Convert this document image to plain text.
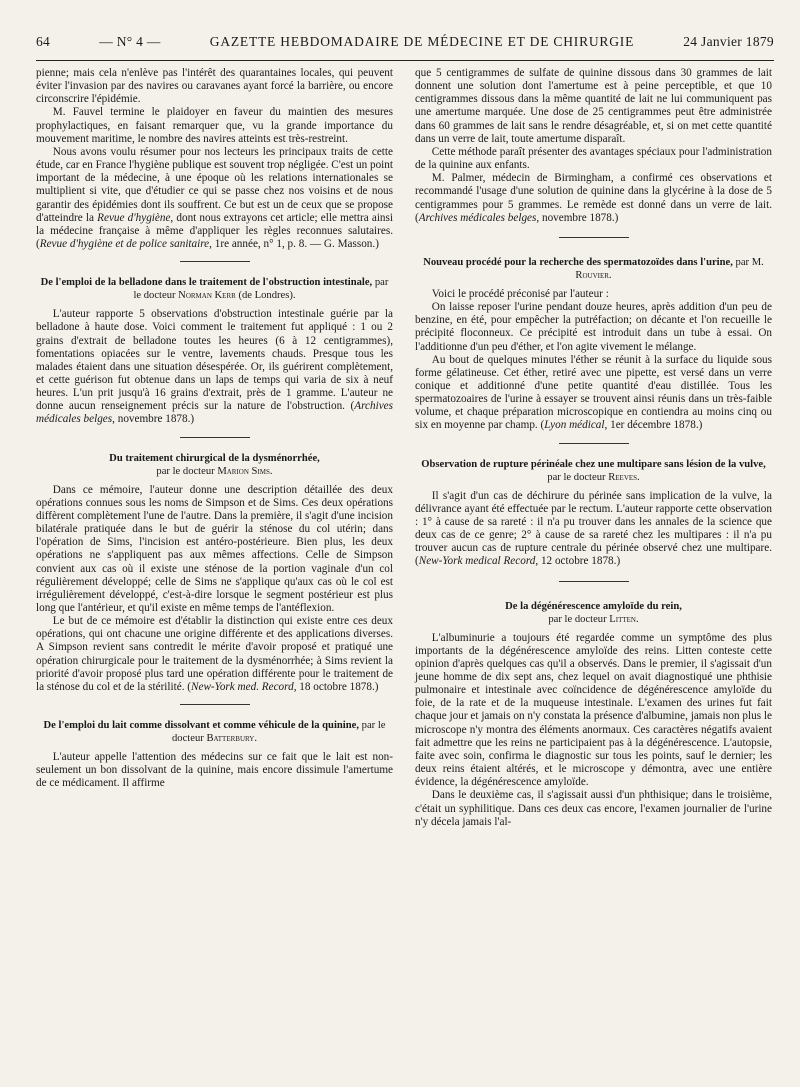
64	— N° 4 —	GAZETTE HEBDOMADAIRE DE MÉDECINE ET DE CHIRURGIE	24 Janvier 1879

pienne; mais cela n'enlève pas l'intérêt des quarantaines locales, qui peuvent éviter l'invasion par des navires ou caravanes ayant forcé la barrière, ou encore circonscrire l'épidémie.

M. Fauvel termine le plaidoyer en faveur du maintien des mesures prophylactiques, en faisant remarquer que, vu la grande importance du mouvement maritime, le nombre des navires atteints est très-restreint.

Nous avons voulu résumer pour nos lecteurs les principaux traits de cette étude, car en France l'hygiène publique est souvent trop négligée. C'est un point important de la médecine, à une époque où les relations internationales se multiplient si vite, que d'étudier ce qui se passe chez nos voisins et de nous garantir des épidémies dont ils souffrent. Ce but est un de ceux que se propose d'atteindre la Revue d'hygiène, dont nous extrayons cet article; elle mettra ainsi la médecine française à même d'appliquer les règles reconnues salutaires. (Revue d'hygiène et de police sanitaire, 1re année, n° 1, p. 8. — G. Masson.)

De l'emploi de la belladone dans le traitement de l'obstruction intestinale, par le docteur Norman Kerr (de Londres).

L'auteur rapporte 5 observations d'obstruction intestinale guérie par la belladone à haute dose. Voici comment le traitement fut appliqué : 1 ou 2 grains d'extrait de belladone toutes les heures (6 à 12 centigrammes), fomentations opiacées sur le ventre, lavements chauds. Presque tous les malades étaient dans une situation désespérée. Or, ils guérirent complètement, et cette guérison fut obtenue dans un laps de temps qui varia de six à neuf heures. L'un prit jusqu'à 16 grains d'extrait, près de 1 gramme. L'auteur ne donne aucun renseignement précis sur la nature de l'obstruction. (Archives médicales belges, novembre 1878.)

Du traitement chirurgical de la dysménorrhée,
par le docteur Marion Sims.

Dans ce mémoire, l'auteur donne une description détaillée des deux opérations connues sous les noms de Simpson et de Sims. Ces deux opérations diffèrent complètement l'une de l'autre. Dans la première, il s'agit d'une incision bilatérale pratiquée dans le but de guérir la sténose du col utérin; dans l'opération de Sims, l'incision est antéro-postérieure. Bien plus, les deux opérations ne s'appliquent pas aux mêmes affections. Celle de Simpson convient aux cas où il existe une sténose de la portion vaginale d'un col régulièrement développé; celle de Sims ne s'applique qu'aux cas où le col est irrégulièrement développé, c'est-à-dire lorsque le segment postérieur est plus long que l'antérieur, et qu'il existe en même temps de l'antéflexion.

Le but de ce mémoire est d'établir la distinction qui existe entre ces deux opérations, qui ont chacune une origine différente et des applications diverses. A Simpson revient sans contredit le mérite d'avoir proposé et pratiqué une opération chirurgicale pour le traitement de la dysménorrhée; à Sims revient la priorité d'avoir proposé plus tard une opération différente pour le traitement de la sténose du col et de la stérilité. (New-York med. Record, 18 octobre 1878.)

De l'emploi du lait comme dissolvant et comme véhicule de la quinine, par le docteur Batterbury.

L'auteur appelle l'attention des médecins sur ce fait que le lait est non-seulement un bon dissolvant de la quinine, mais encore dissimule l'amertume de ce médicament. Il affirme

que 5 centigrammes de sulfate de quinine dissous dans 30 grammes de lait donnent une solution dont l'amertume est à peine perceptible, et que 10 centigrammes dissous dans la même quantité de lait ne lui communiquent pas une amertume marquée. Une dose de 25 centigrammes peut être administrée dans 60 grammes de lait sans le rendre désagréable, et, si on met cette quantité dans un verre de lait, toute amertume disparaît.

Cette méthode paraît présenter des avantages spéciaux pour l'administration de la quinine aux enfants.

M. Palmer, médecin de Birmingham, a confirmé ces observations et recommandé l'usage d'une solution de quinine dans la glycérine à la dose de 5 centigrammes pour 5 grammes. Le remède est donné dans un verre de lait. (Archives médicales belges, novembre 1878.)

Nouveau procédé pour la recherche des spermatozoïdes dans l'urine, par M. Rouvier.

Voici le procédé préconisé par l'auteur :

On laisse reposer l'urine pendant douze heures, après addition d'un peu de benzine, en été, pour empêcher la putréfaction; on décante et l'on recueille le précipité floconneux. Ce précipité est introduit dans un tube à essai. On l'additionne d'un peu d'éther, et l'on agite vivement le mélange.

Au bout de quelques minutes l'éther se réunit à la surface du liquide sous forme gélatineuse. Cet éther, retiré avec une pipette, est versé dans un verre conique et additionné d'une petite quantité d'eau distillée. Tous les spermatozoaires de l'urine à essayer se trouvent ainsi réunis dans un très-faible volume, et chaque préparation microscopique en contiendra au moins cinq ou six en moyenne par champ. (Lyon médical, 1er décembre 1878.)

Observation de rupture périnéale chez une multipare sans lésion de la vulve, par le docteur Reeves.

Il s'agit d'un cas de déchirure du périnée sans implication de la vulve, la délivrance ayant été effectuée par le rectum. L'auteur rapporte cette observation : 1° à cause de sa rareté : il n'a pu trouver dans les annales de la science que deux cas de ce genre; 2° à cause de sa rareté chez les multipares : il n'a pu trouver aucun cas de rupture centrale du périnée observé chez une multipare. (New-York medical Record, 12 octobre 1878.)

De la dégénérescence amyloïde du rein,
par le docteur Litten.

L'albuminurie a toujours été regardée comme un symptôme des plus importants de la dégénérescence amyloïde des reins. Litten conteste cette opinion d'après quelques cas qu'il a observés. Dans le premier, il s'agissait d'un jeune homme de dix sept ans, chez lequel on avait diagnostiqué une phthisie pulmonaire et intestinale avec coïncidence de dégénérescence amyloïde du foie, de la rate et de la muqueuse intestinale. L'examen des urines fut fait chaque jour et jamais on n'y constata la présence d'albumine, jamais non plus le microscope n'y montra des éléments anormaux. Ces caractères négatifs avaient fait admettre que les reins ne participaient pas à la dégénérescence. L'autopsie, faite avec soin, confirma le diagnostic sur tous les points, sauf le dernier; les deux reins étaient altérés, et le microscope y démontra, avec une entière évidence, la dégénérescence amyloïde.

Dans le deuxième cas, il s'agissait aussi d'un phthisique; dans le troisième, c'était un syphilitique. Dans ces deux cas encore, l'examen journalier de l'urine n'y décela jamais l'al-
